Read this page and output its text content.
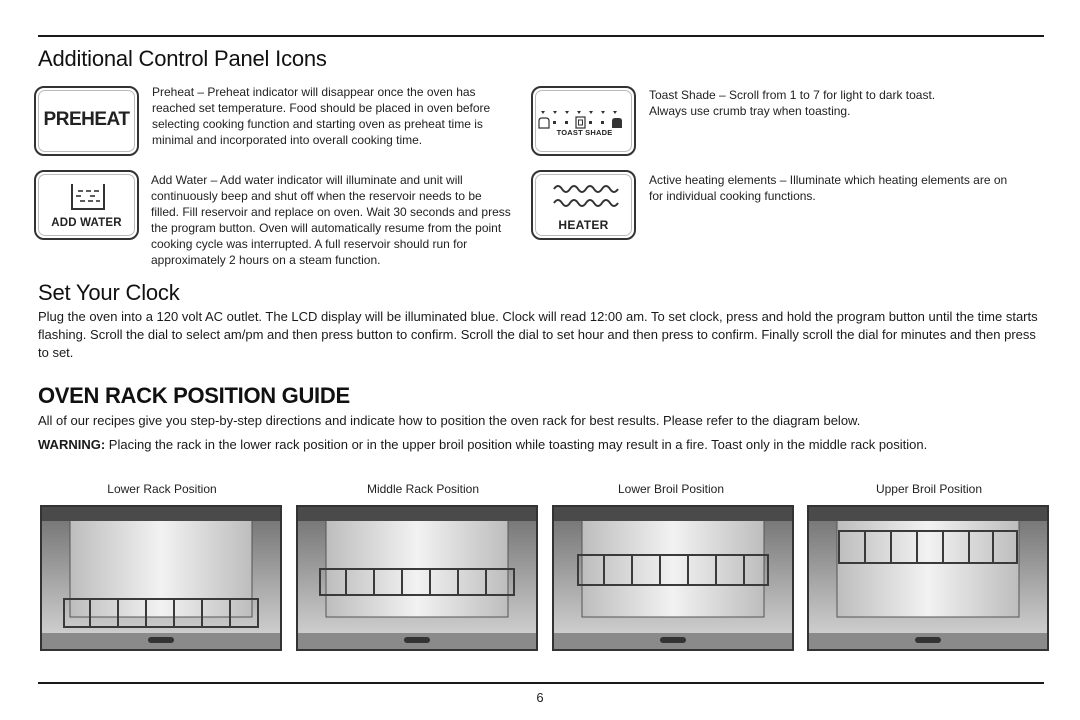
Additional Control Panel Icons
PREHEAT
Preheat – Preheat indicator will disappear once the oven has reached set temperature. Food should be placed in oven before selecting cooking function and starting oven as preheat time is minimal and incorporated into overall cooking time.
ADD WATER
Add Water – Add water indicator will illuminate and unit will continuously beep and shut off when the reservoir needs to be filled. Fill reservoir and replace on oven. Wait 30 seconds and press the program button. Oven will automatically resume from the point cooking cycle was interrupted. A full reservoir should run for approximately 2 hours on a steam function.
TOAST SHADE
Toast Shade – Scroll from 1 to 7 for light to dark toast. Always use crumb tray when toasting.
HEATER
Active heating elements – Illuminate which heating elements are on for individual cooking functions.
Set Your Clock

Plug the oven into a 120 volt AC outlet. The LCD display will be illuminated blue. Clock will read 12:00 am. To set clock, press and hold the program button until the time starts flashing. Scroll the dial to select am/pm and then press button to confirm. Scroll the dial to set hour and then press to confirm. Finally scroll the dial for minutes and then press to set.

OVEN RACK POSITION GUIDE

All of our recipes give you step-by-step directions and indicate how to position the oven rack for best results. Please refer to the diagram below.

WARNING: Placing the rack in the lower rack position or in the upper broil position while toasting may result in a fire. Toast only in the middle rack position.

Lower Rack Position	Middle Rack Position	Lower Broil Position	Upper Broil Position
6
